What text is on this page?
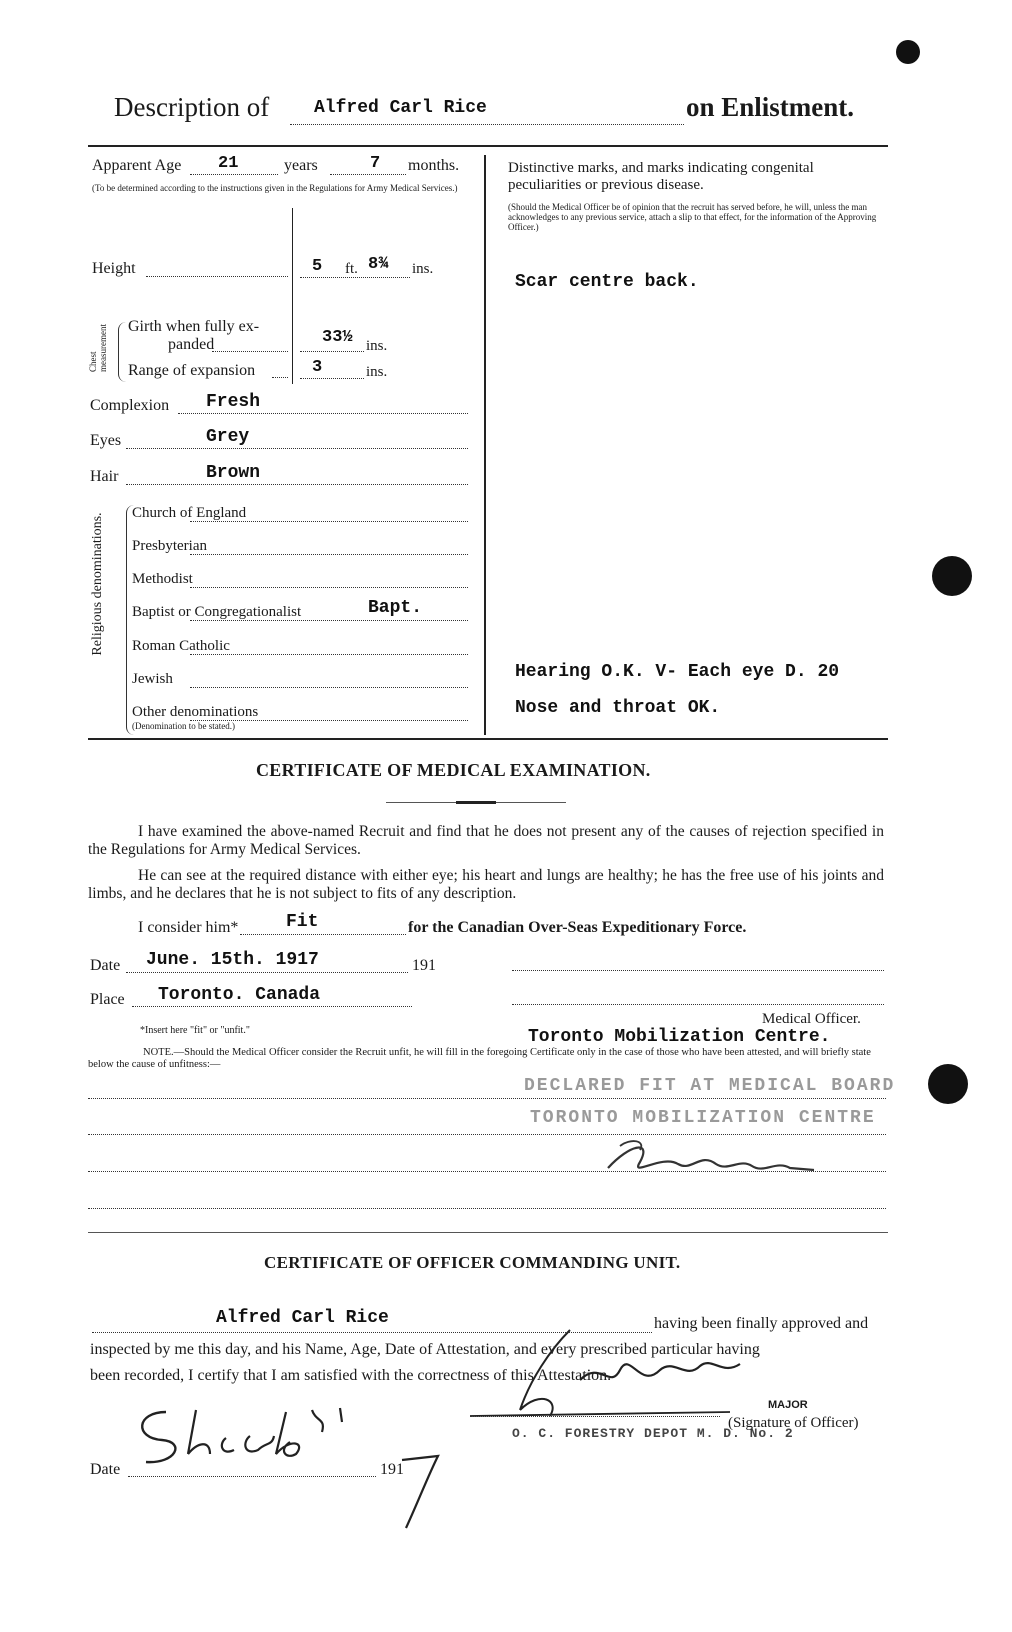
Description of Alfred Carl Rice	on Enlistment.
Apparent Age 21	years	7 months.
(To be determined according to the instructions given in the Regulations for Army Medical Services.)
Height	5 ft. 8¾ ins.
Chest measurement Girth when fully ex-
panded	33½ ins.
Range of expansion	3	ins.
Complexion Fresh
Eyes	Grey
Hair	Brown
Religious denominations. Church of England
Presbyterian
Methodist
Baptist or Congregationalist	Bapt.
Roman Catholic
Jewish
Other denominations
(Denomination to be stated.)
Distinctive marks, and marks indicating congenital peculiarities or previous disease.
(Should the Medical Officer be of opinion that the recruit has served before, he will, unless the man acknowledges to any previous service, attach a slip to that effect, for the information of the Approving Officer.)
Scar centre back.
Hearing O.K. V- Each eye D. 20
Nose and throat OK.
CERTIFICATE OF MEDICAL EXAMINATION.
I have examined the above-named Recruit and find that he does not present any of the causes of rejection specified in the Regulations for Army Medical Services.
He can see at the required distance with either eye; his heart and lungs are healthy; he has the free use of his joints and limbs, and he declares that he is not subject to fits of any description.
I consider him*	Fit	for the Canadian Over-Seas Expeditionary Force.
Date June. 15th. 1917	191
Place Toronto. Canada
*Insert here "fit" or "unfit."
Medical Officer.
Toronto Mobilization Centre.
NOTE.—Should the Medical Officer consider the Recruit unfit, he will fill in the foregoing Certificate only in the case of those who have been attested, and will briefly state below the cause of unfitness:—
DECLARED FIT AT MEDICAL BOARD
TORONTO MOBILIZATION CENTRE
CERTIFICATE OF OFFICER COMMANDING UNIT.
Alfred Carl Rice	having been finally approved and
inspected by me this day, and his Name, Age, Date of Attestation, and every prescribed particular having
been recorded, I certify that I am satisfied with the correctness of this Attestation.
MAJOR
O. C. FORESTRY DEPOT M. D. No. 2
(Signature of Officer)
Date	191
